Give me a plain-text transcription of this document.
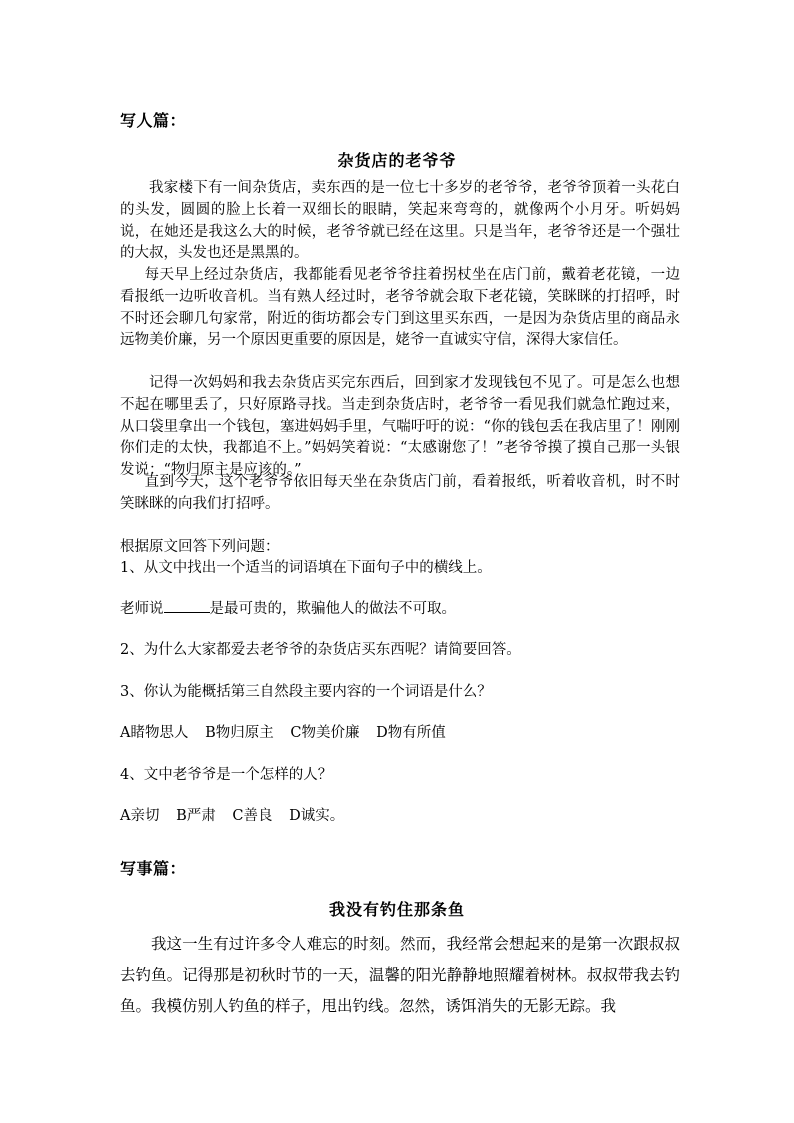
写人篇：
杂货店的老爷爷

我家楼下有一间杂货店，卖东西的是一位七十多岁的老爷爷，老爷爷顶着一头花白的头发，圆圆的脸上长着一双细长的眼睛，笑起来弯弯的，就像两个小月牙。听妈妈说，在她还是我这么大的时候，老爷爷就已经在这里。只是当年，老爷爷还是一个强壮的大叔，头发也还是黑黑的。

每天早上经过杂货店，我都能看见老爷爷拄着拐杖坐在店门前，戴着老花镜，一边看报纸一边听收音机。当有熟人经过时，老爷爷就会取下老花镜，笑眯眯的打招呼，时不时还会聊几句家常，附近的街坊都会专门到这里买东西，一是因为杂货店里的商品永远物美价廉，另一个原因更重要的原因是，姥爷一直诚实守信，深得大家信任。

记得一次妈妈和我去杂货店买完东西后，回到家才发现钱包不见了。可是怎么也想不起在哪里丢了，只好原路寻找。当走到杂货店时，老爷爷一看见我们就急忙跑过来，从口袋里拿出一个钱包，塞进妈妈手里，气喘吁吁的说：“你的钱包丢在我店里了！刚刚你们走的太快，我都追不上。”妈妈笑着说：“太感谢您了！”老爷爷摸了摸自己那一头银发说：“物归原主是应该的。”

直到今天，这个老爷爷依旧每天坐在杂货店门前，看着报纸，听着收音机，时不时笑眯眯的向我们打招呼。

根据原文回答下列问题：
1、从文中找出一个适当的词语填在下面句子中的横线上。
老师说	是最可贵的，欺骗他人的做法不可取。
2、为什么大家都爱去老爷爷的杂货店买东西呢？请简要回答。
3、你认为能概括第三自然段主要内容的一个词语是什么？
A睹物思人 B物归原主 C物美价廉 D物有所值
4、文中老爷爷是一个怎样的人？
A亲切 B严肃 C善良 D诚实。
写事篇：
我没有钓住那条鱼

我这一生有过许多令人难忘的时刻。然而，我经常会想起来的是第一次跟叔叔去钓鱼。记得那是初秋时节的一天，温馨的阳光静静地照耀着树林。叔叔带我去钓鱼。我模仿别人钓鱼的样子，甩出钓线。忽然，诱饵消失的无影无踪。我
